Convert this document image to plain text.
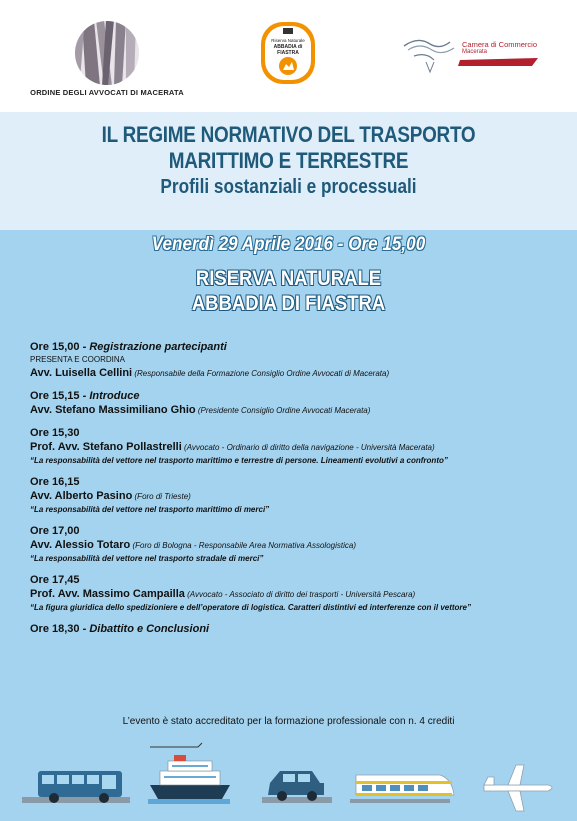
ORDINE DEGLI AVVOCATI DI MACERATA
Riserva Naturale
ABBADIA di
FIASTRA
Camera di Commercio
Macerata
IL REGIME NORMATIVO DEL TRASPORTO
MARITTIMO E TERRESTRE
Profili sostanziali e processuali
Venerdì 29 Aprile 2016 - Ore 15,00
RISERVA NATURALE
ABBADIA DI FIASTRA
Ore 15,00 - Registrazione partecipanti
PRESENTA E COORDINA
Avv. Luisella Cellini (Responsabile della Formazione Consiglio Ordine Avvocati di Macerata)
Ore 15,15 - Introduce
Avv. Stefano Massimiliano Ghio (Presidente Consiglio Ordine Avvocati Macerata)
Ore 15,30
Prof. Avv. Stefano Pollastrelli (Avvocato - Ordinario di diritto della navigazione - Università Macerata)
“La responsabilità del vettore nel trasporto marittimo e terrestre di persone. Lineamenti evolutivi a confronto”
Ore 16,15
Avv. Alberto Pasino (Foro di Trieste)
“La responsabilità del vettore nel trasporto marittimo di merci”
Ore 17,00
Avv. Alessio Totaro (Foro di Bologna - Responsabile Area Normativa Assologistica)
“La responsabilità del vettore nel trasporto stradale di merci”
Ore 17,45
Prof. Avv. Massimo Campailla (Avvocato - Associato di diritto dei trasporti - Università Pescara)
“La figura giuridica dello spedizioniere e dell’operatore di logistica. Caratteri distintivi ed interferenze con il vettore”
Ore 18,30 - Dibattito e Conclusioni
L’evento è stato accreditato per la formazione professionale con n. 4 crediti
